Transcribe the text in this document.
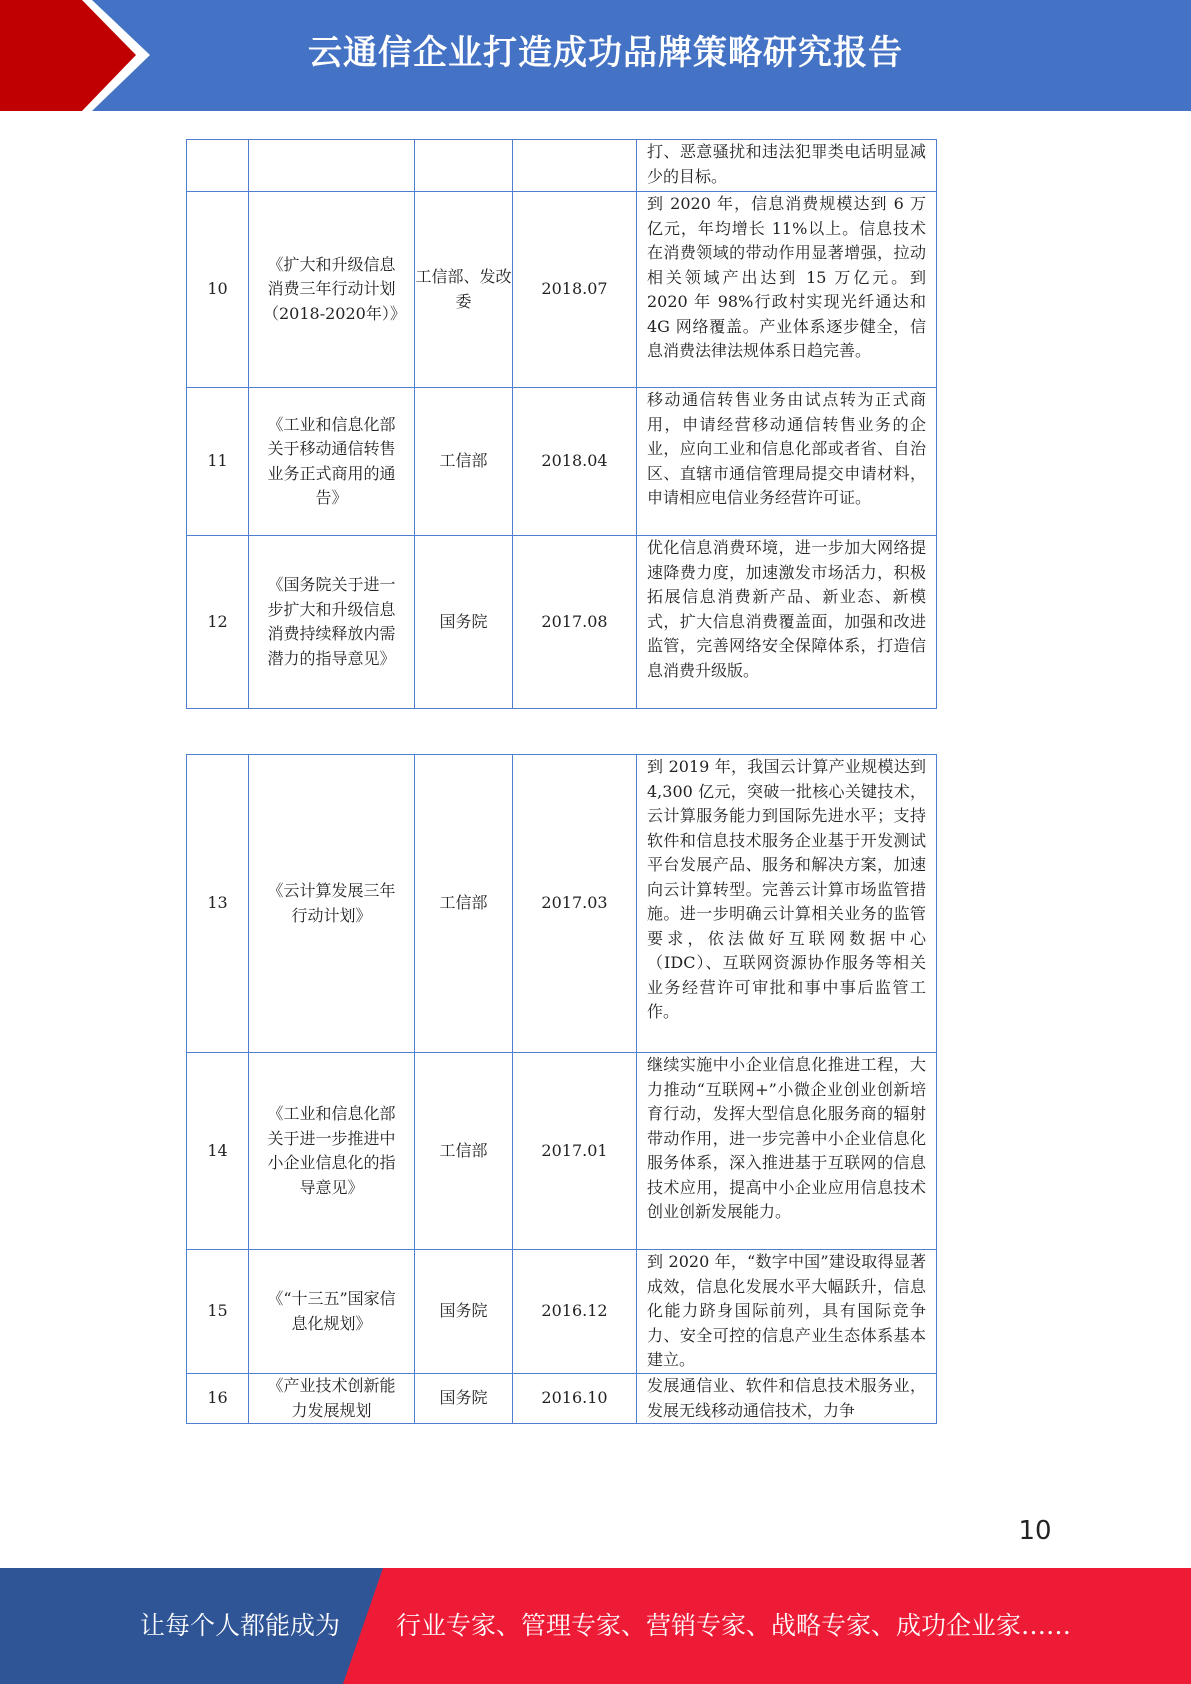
云通信企业打造成功品牌策略研究报告
				打、恶意骚扰和违法犯罪类电话明显减少的目标。
10	《扩大和升级信息消费三年行动计划（2018-2020年）》	工信部、发改委	2018.07	到 2020 年，信息消费规模达到 6 万亿元，年均增长 11%以上。信息技术在消费领域的带动作用显著增强，拉动相关领域产出达到 15 万亿元。到 2020 年 98%行政村实现光纤通达和 4G 网络覆盖。产业体系逐步健全，信息消费法律法规体系日趋完善。
11	《工业和信息化部关于移动通信转售业务正式商用的通告》	工信部	2018.04	移动通信转售业务由试点转为正式商用，申请经营移动通信转售业务的企业，应向工业和信息化部或者省、自治区、直辖市通信管理局提交申请材料，申请相应电信业务经营许可证。
12	《国务院关于进一步扩大和升级信息消费持续释放内需潜力的指导意见》	国务院	2017.08	优化信息消费环境，进一步加大网络提速降费力度，加速激发市场活力，积极拓展信息消费新产品、新业态、新模式，扩大信息消费覆盖面，加强和改进监管，完善网络安全保障体系，打造信息消费升级版。
13	《云计算发展三年行动计划》	工信部	2017.03	到 2019 年，我国云计算产业规模达到 4,300 亿元，突破一批核心关键技术，云计算服务能力到国际先进水平；支持软件和信息技术服务企业基于开发测试平台发展产品、服务和解决方案，加速向云计算转型。完善云计算市场监管措施。进一步明确云计算相关业务的监管要求，依法做好互联网数据中心（IDC）、互联网资源协作服务等相关业务经营许可审批和事中事后监管工作。
14	《工业和信息化部关于进一步推进中小企业信息化的指导意见》	工信部	2017.01	继续实施中小企业信息化推进工程，大力推动“互联网+”小微企业创业创新培育行动，发挥大型信息化服务商的辐射带动作用，进一步完善中小企业信息化服务体系，深入推进基于互联网的信息技术应用，提高中小企业应用信息技术创业创新发展能力。
15	《“十三五”国家信息化规划》	国务院	2016.12	到 2020 年，“数字中国”建设取得显著成效，信息化发展水平大幅跃升，信息化能力跻身国际前列，具有国际竞争力、安全可控的信息产业生态体系基本建立。
16	《产业技术创新能力发展规划	国务院	2016.10	发展通信业、软件和信息技术服务业，发展无线移动通信技术，力争
10
让每个人都能成为 行业专家、管理专家、营销专家、战略专家、成功企业家……
